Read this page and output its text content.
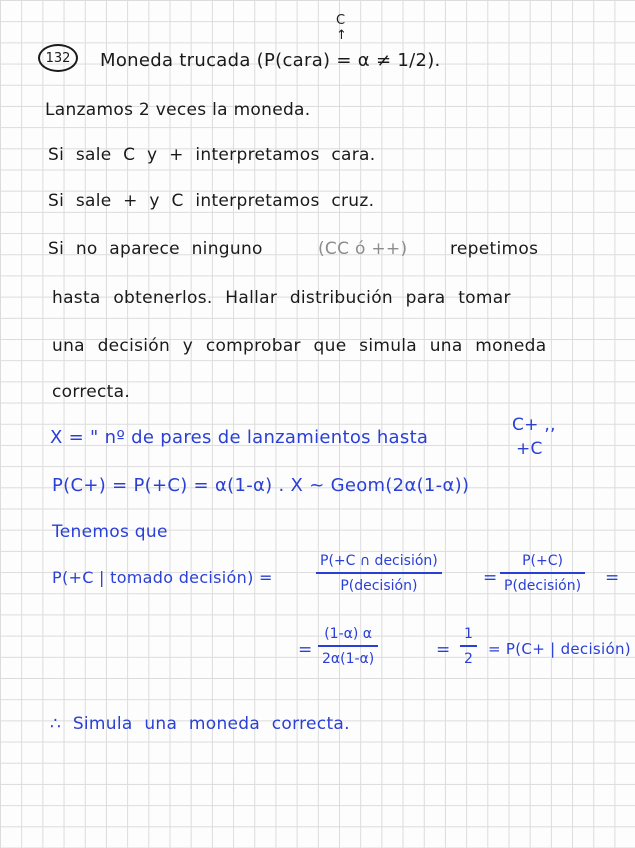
132
C
↑
Moneda trucada (P(cara) = α ≠ 1/2).
Lanzamos 2 veces la moneda.
Si sale C y + interpretamos cara.
Si sale + y C interpretamos cruz.
Si no aparece ninguno	(CC ó ++)	repetimos
hasta obtenerlos. Hallar distribución para tomar
una decisión y comprobar que simula una moneda
correcta.
X = " nº de pares de lanzamientos hasta
C+ ,,
+C
P(C+) = P(+C) = α(1-α) . X ~ Geom(2α(1-α))
Tenemos que
P(+C | tomado decisión) =
P(+C ∩ decisión)
P(decisión)	=
P(+C)
P(decisión) =
=
(1-α) α
2α(1-α)	=
1
2
= P(C+ | decisión)
∴ Simula una moneda correcta.
